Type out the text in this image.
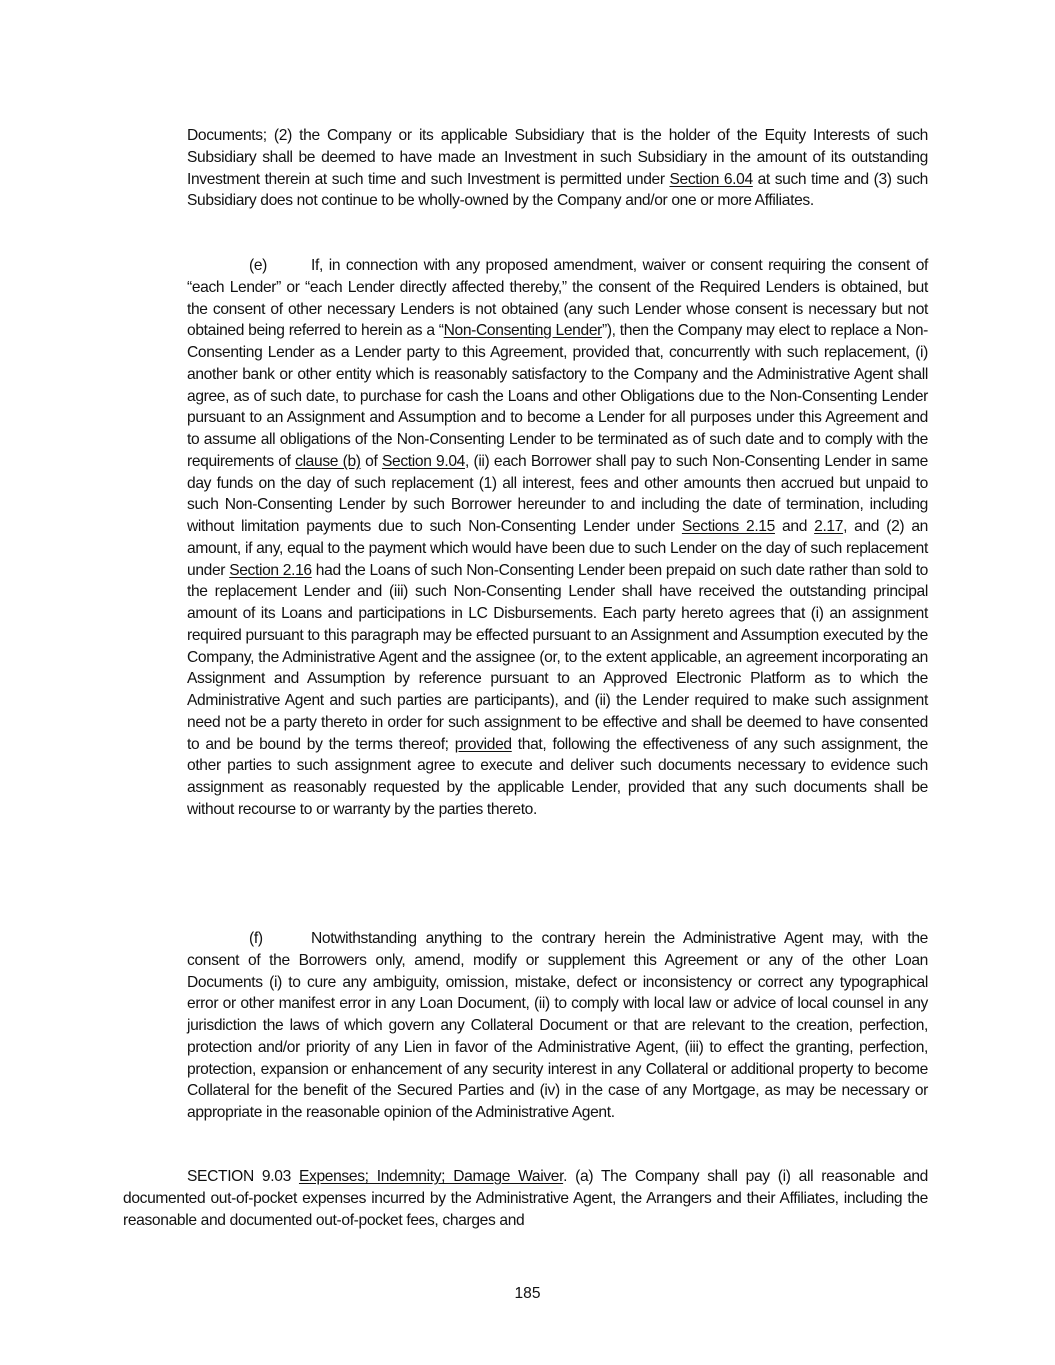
Documents; (2) the Company or its applicable Subsidiary that is the holder of the Equity Interests of such Subsidiary shall be deemed to have made an Investment in such Subsidiary in the amount of its outstanding Investment therein at such time and such Investment is permitted under Section 6.04 at such time and (3) such Subsidiary does not continue to be wholly-owned by the Company and/or one or more Affiliates.
(e)	If, in connection with any proposed amendment, waiver or consent requiring the consent of “each Lender” or “each Lender directly affected thereby,” the consent of the Required Lenders is obtained, but the consent of other necessary Lenders is not obtained (any such Lender whose consent is necessary but not obtained being referred to herein as a “Non-Consenting Lender”), then the Company may elect to replace a Non-Consenting Lender as a Lender party to this Agreement, provided that, concurrently with such replacement, (i) another bank or other entity which is reasonably satisfactory to the Company and the Administrative Agent shall agree, as of such date, to purchase for cash the Loans and other Obligations due to the Non-Consenting Lender pursuant to an Assignment and Assumption and to become a Lender for all purposes under this Agreement and to assume all obligations of the Non-Consenting Lender to be terminated as of such date and to comply with the requirements of clause (b) of Section 9.04, (ii) each Borrower shall pay to such Non-Consenting Lender in same day funds on the day of such replacement (1) all interest, fees and other amounts then accrued but unpaid to such Non-Consenting Lender by such Borrower hereunder to and including the date of termination, including without limitation payments due to such Non-Consenting Lender under Sections 2.15 and 2.17, and (2) an amount, if any, equal to the payment which would have been due to such Lender on the day of such replacement under Section 2.16 had the Loans of such Non-Consenting Lender been prepaid on such date rather than sold to the replacement Lender and (iii) such Non-Consenting Lender shall have received the outstanding principal amount of its Loans and participations in LC Disbursements. Each party hereto agrees that (i) an assignment required pursuant to this paragraph may be effected pursuant to an Assignment and Assumption executed by the Company, the Administrative Agent and the assignee (or, to the extent applicable, an agreement incorporating an Assignment and Assumption by reference pursuant to an Approved Electronic Platform as to which the Administrative Agent and such parties are participants), and (ii) the Lender required to make such assignment need not be a party thereto in order for such assignment to be effective and shall be deemed to have consented to and be bound by the terms thereof; provided that, following the effectiveness of any such assignment, the other parties to such assignment agree to execute and deliver such documents necessary to evidence such assignment as reasonably requested by the applicable Lender, provided that any such documents shall be without recourse to or warranty by the parties thereto.
(f)	Notwithstanding anything to the contrary herein the Administrative Agent may, with the consent of the Borrowers only, amend, modify or supplement this Agreement or any of the other Loan Documents (i) to cure any ambiguity, omission, mistake, defect or inconsistency or correct any typographical error or other manifest error in any Loan Document, (ii) to comply with local law or advice of local counsel in any jurisdiction the laws of which govern any Collateral Document or that are relevant to the creation, perfection, protection and/or priority of any Lien in favor of the Administrative Agent, (iii) to effect the granting, perfection, protection, expansion or enhancement of any security interest in any Collateral or additional property to become Collateral for the benefit of the Secured Parties and (iv) in the case of any Mortgage, as may be necessary or appropriate in the reasonable opinion of the Administrative Agent.
SECTION 9.03 Expenses; Indemnity; Damage Waiver. (a) The Company shall pay (i) all reasonable and documented out-of-pocket expenses incurred by the Administrative Agent, the Arrangers and their Affiliates, including the reasonable and documented out-of-pocket fees, charges and
185
